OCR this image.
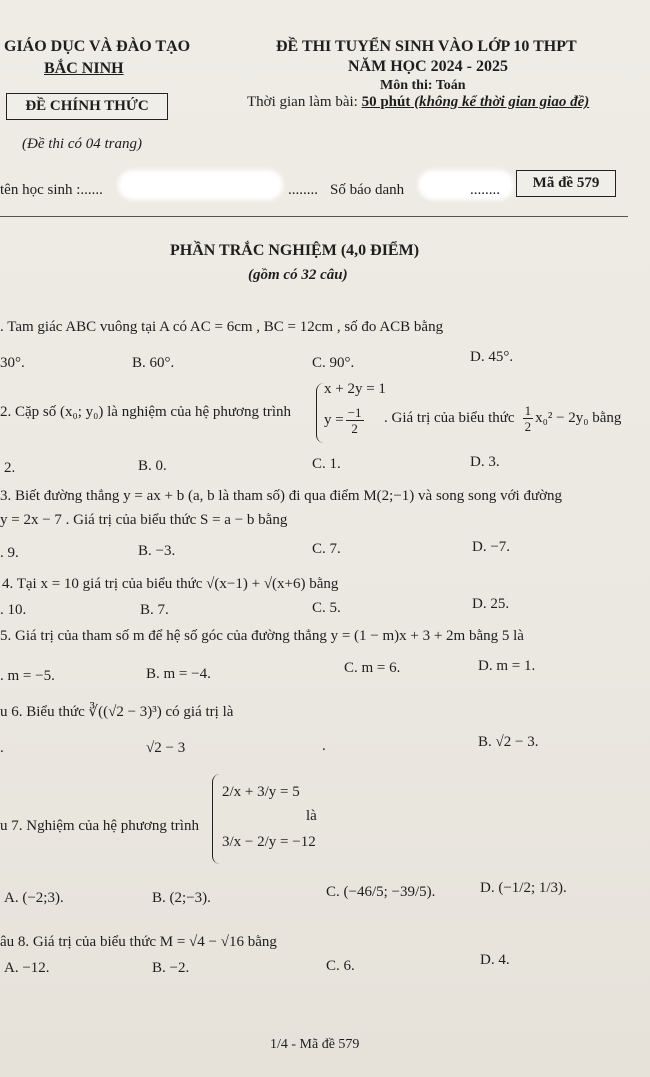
GIÁO DỤC VÀ ĐÀO TẠO
BẮC NINH
ĐỀ CHÍNH THỨC
(Đề thi có 04 trang)
ĐỀ THI TUYỂN SINH VÀO LỚP 10 THPT
NĂM HỌC 2024 - 2025
Môn thi: Toán
Thời gian làm bài: 50 phút (không kể thời gian giao đề)
tên học sinh :......	........ Số báo danh	........	Mã đề 579
PHẦN TRẮC NGHIỆM (4,0 ĐIỂM)
(gồm có 32 câu)
. Tam giác ABC vuông tại A có AC = 6cm , BC = 12cm , số đo ACB bằng
30°.	B. 60°.	C. 90°.	D. 45°.
2. Cặp số (x₀; y₀) là nghiệm của hệ phương trình
x + 2y = 1
$y = \frac{-1}{2}$ . Giá trị của biểu thức $\frac{1}{2} x_0^2 - 2y_0$ bằng
2.	B. 0.	C. 1.	D. 3.
3. Biết đường thẳng y = ax + b (a, b là tham số) đi qua điểm M(2;−1) và song song với đường
y = 2x − 7 . Giá trị của biểu thức S = a − b bằng
. 9.	B. −3.	C. 7.	D. −7.
4. Tại x = 10 giá trị của biểu thức √(x−1) + √(x+6) bằng
. 10.	B. 7.	C. 5.	D. 25.
5. Giá trị của tham số m để hệ số góc của đường thẳng y = (1 − m)x + 3 + 2m bằng 5 là
. m = −5.	B. m = −4.	C. m = 6.	D. m = 1.
u 6. Biểu thức ∛((√2 − 3)³) có giá trị là
.	√2 − 3	.	B. √2 − 3.
u 7. Nghiệm của hệ phương trình
2/x + 3/y = 5
3/x − 2/y = −12
là
A. (−2;3).	B. (2;−3).	C. (−46/5; −39/5).	D. (−1/2; 1/3).
âu 8. Giá trị của biểu thức M = √4 − √16 bằng
A. −12.	B. −2.	C. 6.	D. 4.
1/4 - Mã đề 579
